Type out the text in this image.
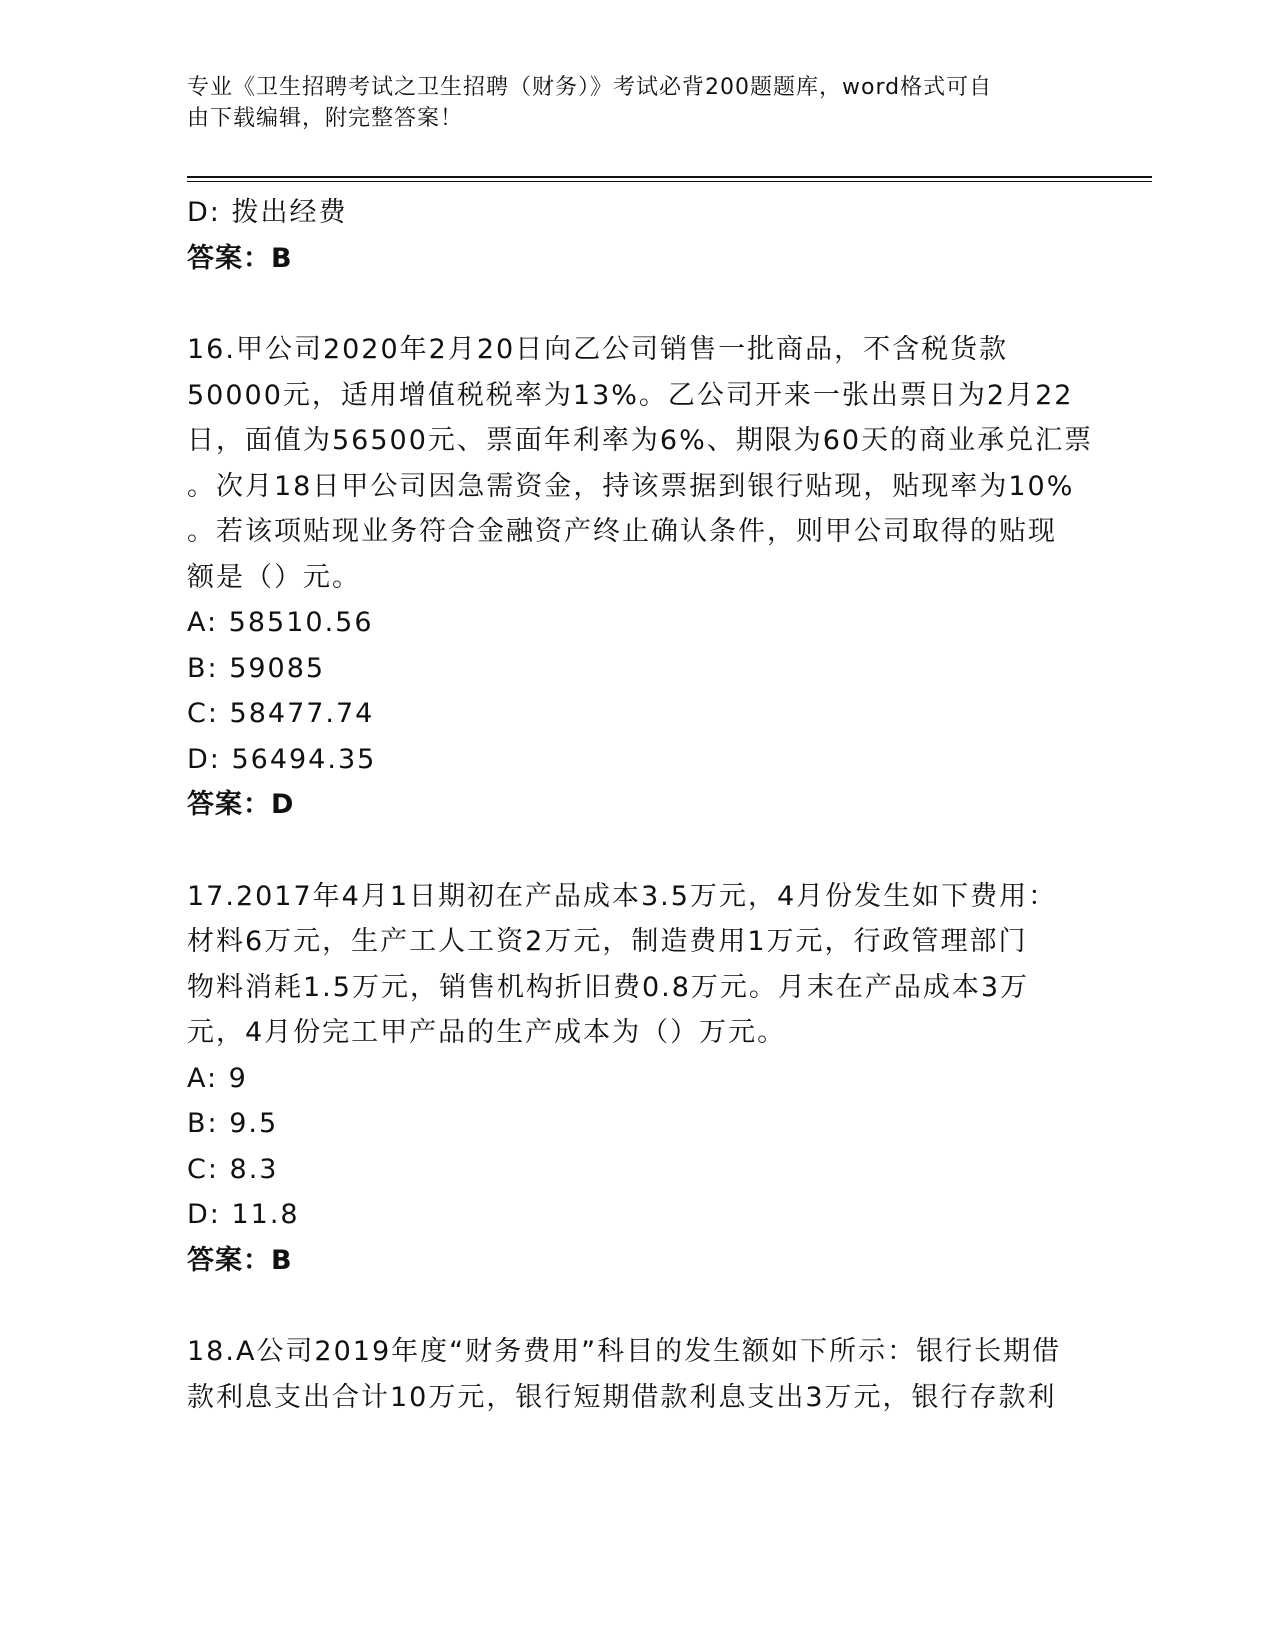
专业《卫生招聘考试之卫生招聘（财务）》考试必背200题题库，word格式可自
由下载编辑，附完整答案！
D: 拨出经费
答案：B
16.甲公司2020年2月20日向乙公司销售一批商品，不含税货款
50000元，适用增值税税率为13%。乙公司开来一张出票日为2月22
日，面值为56500元、票面年利率为6%、期限为60天的商业承兑汇票
。次月18日甲公司因急需资金，持该票据到银行贴现，贴现率为10%
。若该项贴现业务符合金融资产终止确认条件，则甲公司取得的贴现
额是（）元。
A: 58510.56
B: 59085
C: 58477.74
D: 56494.35
答案：D
17.2017年4月1日期初在产品成本3.5万元，4月份发生如下费用：
材料6万元，生产工人工资2万元，制造费用1万元，行政管理部门
物料消耗1.5万元，销售机构折旧费0.8万元。月末在产品成本3万
元，4月份完工甲产品的生产成本为（）万元。
A: 9
B: 9.5
C: 8.3
D: 11.8
答案：B
18.A公司2019年度“财务费用”科目的发生额如下所示：银行长期借
款利息支出合计10万元，银行短期借款利息支出3万元，银行存款利
